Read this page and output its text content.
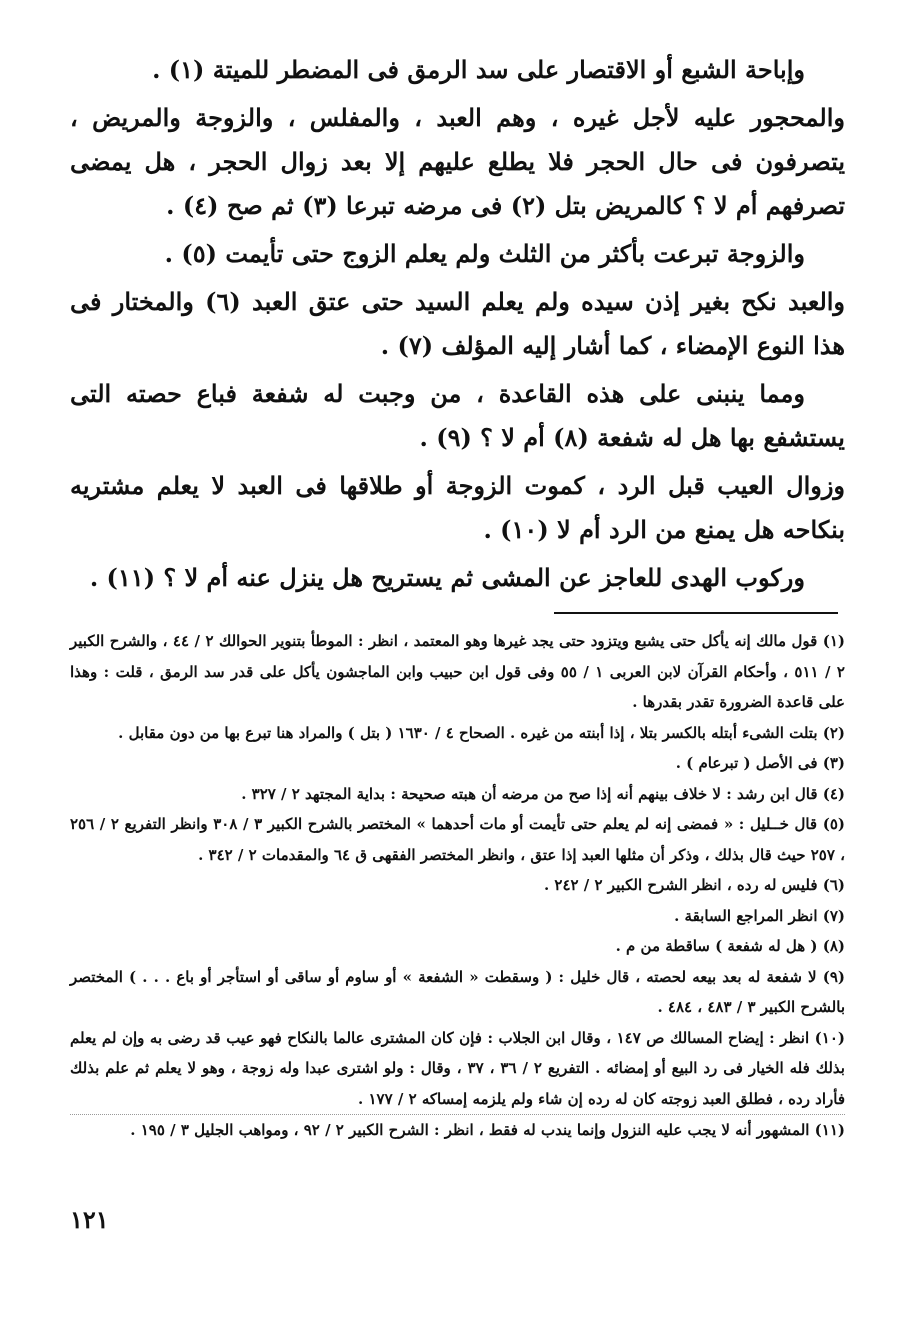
وإباحة الشبع أو الاقتصار على سد الرمق فى المضطر للميتة (١) .

والمحجور عليه لأجل غيره ، وهم العبد ، والمفلس ، والزوجة والمريض ، يتصرفون فى حال الحجر فلا يطلع عليهم إلا بعد زوال الحجر ، هل يمضى تصرفهم أم لا ؟ كالمريض بتل (٢) فى مرضه تبرعا (٣) ثم صح (٤) .

والزوجة تبرعت بأكثر من الثلث ولم يعلم الزوج حتى تأيمت (٥) .

والعبد نكح بغير إذن سيده ولم يعلم السيد حتى عتق العبد (٦) والمختار فى هذا النوع الإمضاء ، كما أشار إليه المؤلف (٧) .

ومما ينبنى على هذه القاعدة ، من وجبت له شفعة فباع حصته التى يستشفع بها هل له شفعة (٨) أم لا ؟ (٩) .

وزوال العيب قبل الرد ، كموت الزوجة أو طلاقها فى العبد لا يعلم مشتريه بنكاحه هل يمنع من الرد أم لا (١٠) .

وركوب الهدى للعاجز عن المشى ثم يستريح هل ينزل عنه أم لا ؟ (١١) .

(١) قول مالك إنه يأكل حتى يشبع ويتزود حتى يجد غيرها وهو المعتمد ، انظر : الموطأ بتنوير الحوالك ٢ / ٤٤ ، والشرح الكبير ٢ / ٥١١ ، وأحكام القرآن لابن العربى ١ / ٥٥ وفى قول ابن حبيب وابن الماجشون يأكل على قدر سد الرمق ، قلت : وهذا على قاعدة الضرورة تقدر بقدرها .

(٢) بتلت الشىء أبتله بالكسر بتلا ، إذا أبنته من غيره . الصحاح ٤ / ١٦٣٠ ( بتل ) والمراد هنا تبرع بها من دون مقابل .

(٣) فى الأصل ( تبرعام ) .

(٤) قال ابن رشد : لا خلاف بينهم أنه إذا صح من مرضه أن هبته صحيحة : بداية المجتهد ٢ / ٣٢٧ .

(٥) قال خــليل : « فمضى إنه لم يعلم حتى تأيمت أو مات أحدهما » المختصر بالشرح الكبير ٣ / ٣٠٨ وانظر التفريع ٢ / ٢٥٦ ، ٢٥٧ حيث قال بذلك ، وذكر أن مثلها العبد إذا عتق ، وانظر المختصر الفقهى ق ٦٤ والمقدمات ٢ / ٣٤٢ .

(٦) فليس له رده ، انظر الشرح الكبير ٢ / ٢٤٢ .

(٧) انظر المراجع السابقة .

(٨) ( هل له شفعة ) ساقطة من م .

(٩) لا شفعة له بعد بيعه لحصته ، قال خليل : ( وسقطت « الشفعة » أو ساوم أو ساقى أو استأجر أو باع . . . ) المختصر بالشرح الكبير ٣ / ٤٨٣ ، ٤٨٤ .

(١٠) انظر : إيضاح المسالك ص ١٤٧ ، وقال ابن الجلاب : فإن كان المشترى عالما بالنكاح فهو عيب قد رضى به وإن لم يعلم بذلك فله الخيار فى رد البيع أو إمضائه . التفريع ٢ / ٣٦ ، ٣٧ ، وقال : ولو اشترى عبدا وله زوجة ، وهو لا يعلم ثم علم بذلك فأراد رده ، فطلق العبد زوجته كان له رده إن شاء ولم يلزمه إمساكه ٢ / ١٧٧ .

(١١) المشهور أنه لا يجب عليه النزول وإنما يندب له فقط ، انظر : الشرح الكبير ٢ / ٩٢ ، ومواهب الجليل ٣ / ١٩٥ .

١٢١
